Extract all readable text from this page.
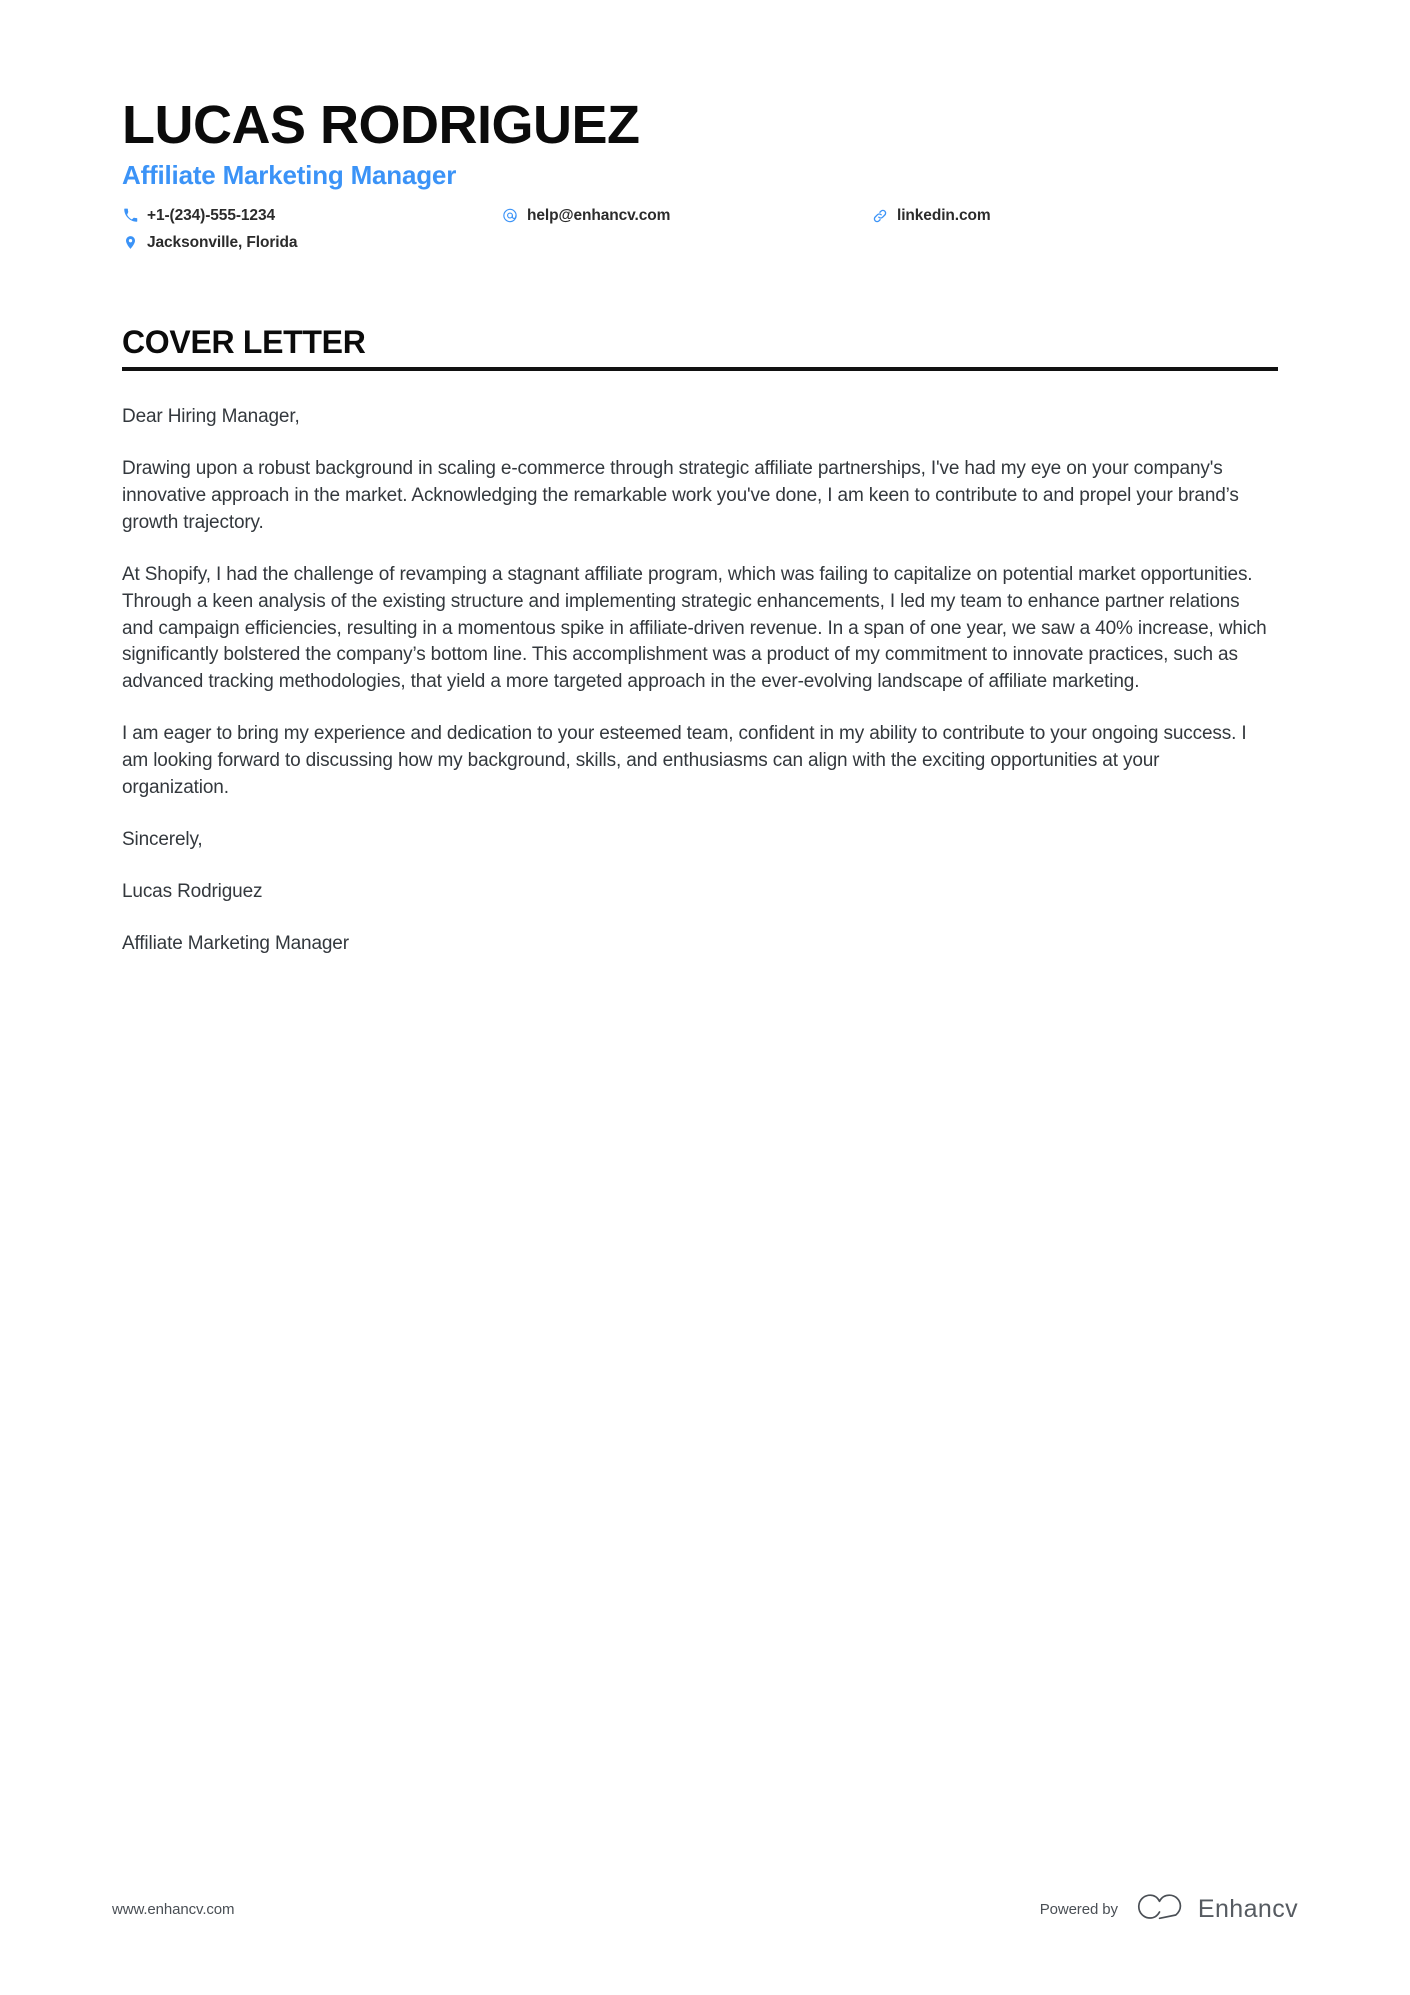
LUCAS RODRIGUEZ
Affiliate Marketing Manager
+1-(234)-555-1234	help@enhancv.com	linkedin.com
Jacksonville, Florida
COVER LETTER

Dear Hiring Manager,

Drawing upon a robust background in scaling e-commerce through strategic affiliate partnerships, I've had my eye on your company's innovative approach in the market. Acknowledging the remarkable work you've done, I am keen to contribute to and propel your brand’s growth trajectory.

At Shopify, I had the challenge of revamping a stagnant affiliate program, which was failing to capitalize on potential market opportunities. Through a keen analysis of the existing structure and implementing strategic enhancements, I led my team to enhance partner relations and campaign efficiencies, resulting in a momentous spike in affiliate-driven revenue. In a span of one year, we saw a 40% increase, which significantly bolstered the company’s bottom line. This accomplishment was a product of my commitment to innovate practices, such as advanced tracking methodologies, that yield a more targeted approach in the ever-evolving landscape of affiliate marketing.

I am eager to bring my experience and dedication to your esteemed team, confident in my ability to contribute to your ongoing success. I am looking forward to discussing how my background, skills, and enthusiasms can align with the exciting opportunities at your organization.

Sincerely,

Lucas Rodriguez

Affiliate Marketing Manager

www.enhancv.com	Powered by	Enhancv
